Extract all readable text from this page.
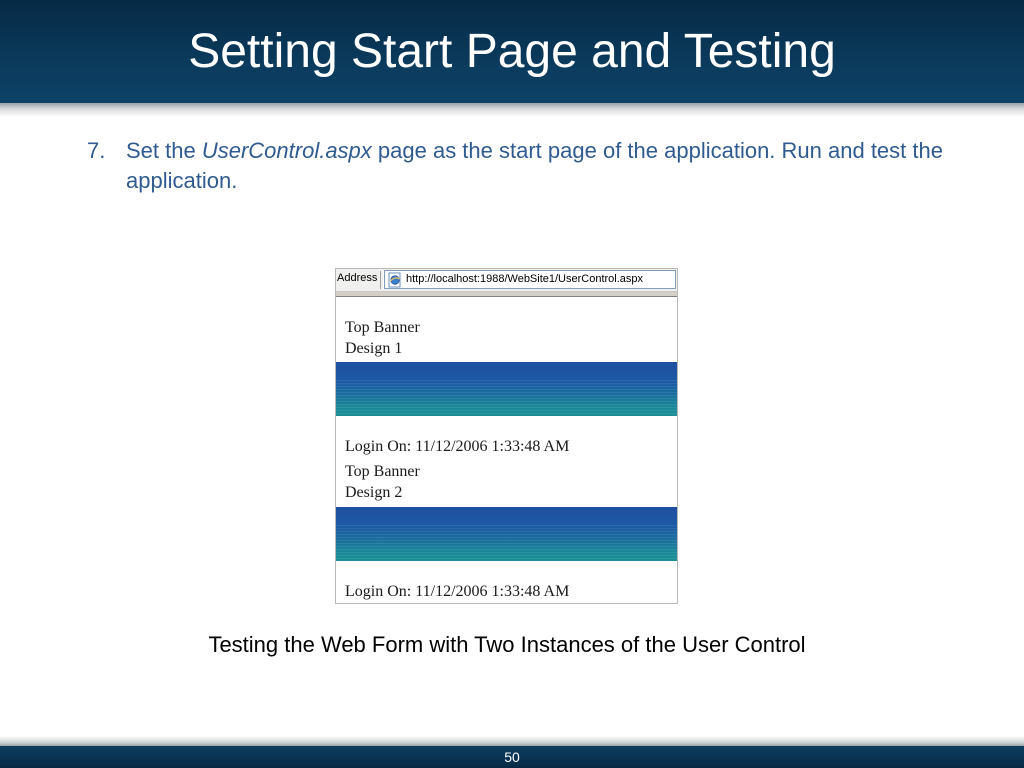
Setting Start Page and Testing
7. Set the UserControl.aspx page as the start page of the application. Run and test the application.
Address	http://localhost:1988/WebSite1/UserControl.aspx
Top Banner
Design 1
Login On: 11/12/2006 1:33:48 AM
Top Banner
Design 2
Login On: 11/12/2006 1:33:48 AM
Testing the Web Form with Two Instances of the User Control
50
